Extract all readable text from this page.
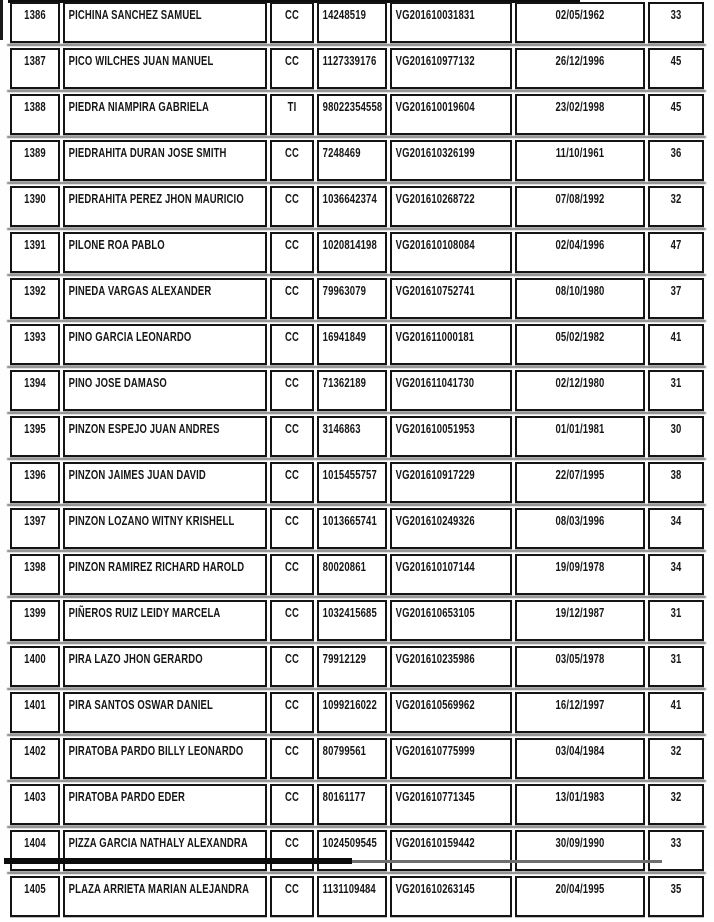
1386	PICHINA SANCHEZ SAMUEL	CC	14248519	VG201610031831	02/05/1962	33
1387	PICO WILCHES JUAN MANUEL	CC	1127339176 VG201610977132	26/12/1996	45
1388	PIEDRA NIAMPIRA GABRIELA	TI	98022354558 VG201610019604	23/02/1998	45
1389	PIEDRAHITA DURAN JOSE SMITH	CC	7248469	VG201610326199	11/10/1961	36
1390	PIEDRAHITA PEREZ JHON MAURICIO	CC	1036642374 VG201610268722	07/08/1992	32
1391	PILONE ROA PABLO	CC	1020814198 VG201610108084	02/04/1996	47
1392	PINEDA VARGAS ALEXANDER	CC	79963079	VG201610752741	08/10/1980	37
1393	PINO GARCIA LEONARDO	CC	16941849	VG201611000181	05/02/1982	41
1394	PINO JOSE DAMASO	CC	71362189	VG201611041730	02/12/1980	31
1395	PINZON ESPEJO JUAN ANDRES	CC	3146863	VG201610051953	01/01/1981	30
1396	PINZON JAIMES JUAN DAVID	CC	1015455757 VG201610917229	22/07/1995	38
1397	PINZON LOZANO WITNY KRISHELL	CC	1013665741 VG201610249326	08/03/1996	34
1398	PINZON RAMIREZ RICHARD HAROLD	CC	80020861	VG201610107144	19/09/1978	34
1399	PIÑEROS RUIZ LEIDY MARCELA	CC	1032415685 VG201610653105	19/12/1987	31
1400	PIRA LAZO JHON GERARDO	CC	79912129	VG201610235986	03/05/1978	31
1401	PIRA SANTOS OSWAR DANIEL	CC	1099216022 VG201610569962	16/12/1997	41
1402	PIRATOBA PARDO BILLY LEONARDO	CC	80799561	VG201610775999	03/04/1984	32
1403	PIRATOBA PARDO EDER	CC	80161177	VG201610771345	13/01/1983	32
1404	PIZZA GARCIA NATHALY ALEXANDRA	CC	1024509545 VG201610159442	30/09/1990	33
1405	PLAZA ARRIETA MARIAN ALEJANDRA	CC	1131109484 VG201610263145	20/04/1995	35
